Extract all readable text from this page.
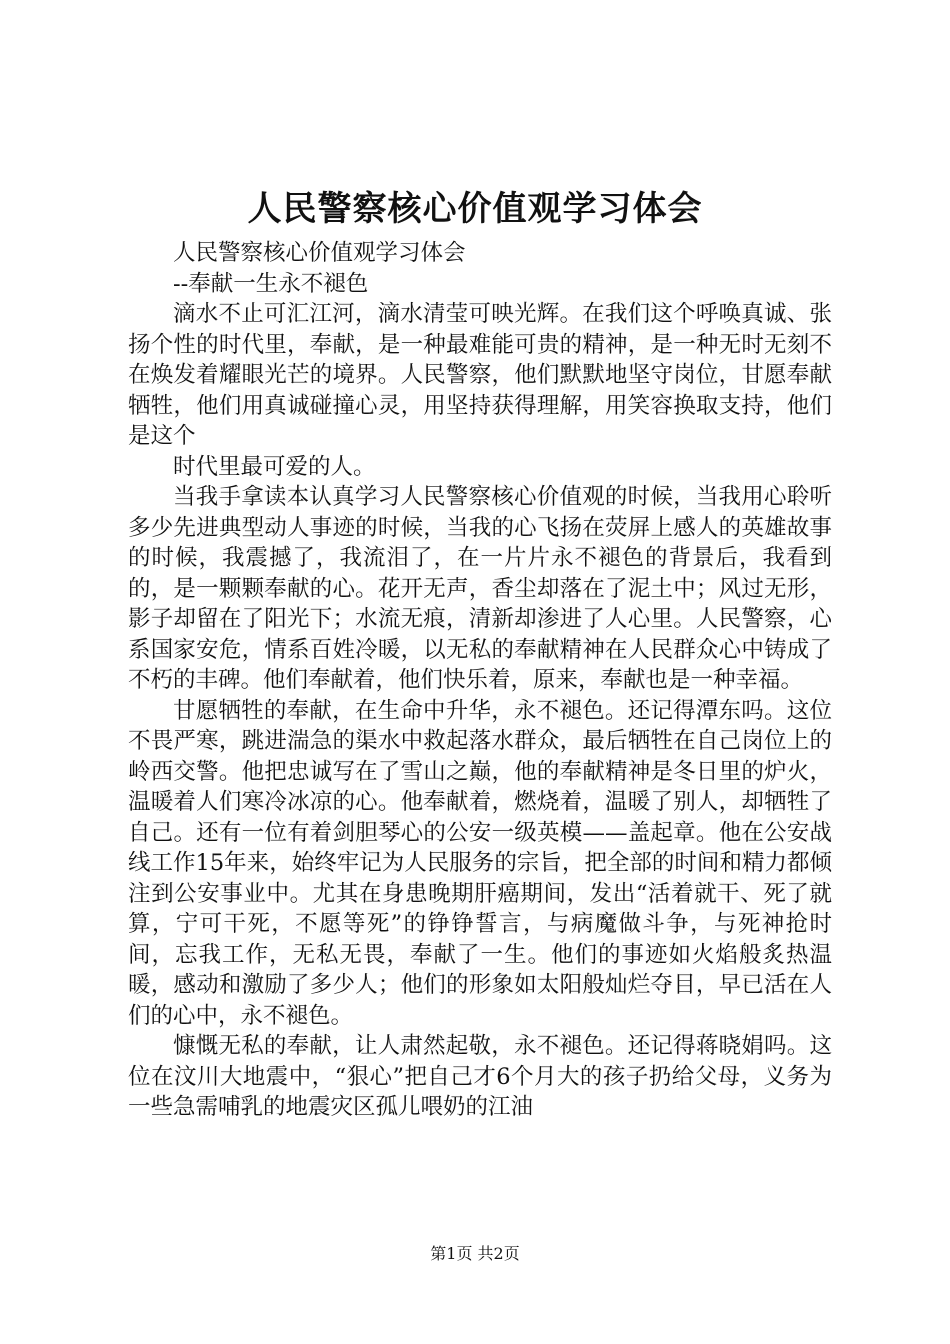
人民警察核心价值观学习体会

人民警察核心价值观学习体会

--奉献一生永不褪色

滴水不止可汇江河，滴水清莹可映光辉。在我们这个呼唤真诚、张扬个性的时代里，奉献，是一种最难能可贵的精神，是一种无时无刻不在焕发着耀眼光芒的境界。人民警察，他们默默地坚守岗位，甘愿奉献牺牲，他们用真诚碰撞心灵，用坚持获得理解，用笑容换取支持，他们是这个

时代里最可爱的人。

当我手拿读本认真学习人民警察核心价值观的时候，当我用心聆听多少先进典型动人事迹的时候，当我的心飞扬在荧屏上感人的英雄故事的时候，我震撼了，我流泪了，在一片片永不褪色的背景后，我看到的，是一颗颗奉献的心。花开无声，香尘却落在了泥土中；风过无形，影子却留在了阳光下；水流无痕，清新却渗进了人心里。人民警察，心系国家安危，情系百姓冷暖，以无私的奉献精神在人民群众心中铸成了不朽的丰碑。他们奉献着，他们快乐着，原来，奉献也是一种幸福。

甘愿牺牲的奉献，在生命中升华，永不褪色。还记得潭东吗。这位不畏严寒，跳进湍急的渠水中救起落水群众，最后牺牲在自己岗位上的岭西交警。他把忠诚写在了雪山之巅，他的奉献精神是冬日里的炉火，温暖着人们寒冷冰凉的心。他奉献着，燃烧着，温暖了别人，却牺牲了自己。还有一位有着剑胆琴心的公安一级英模——盖起章。他在公安战线工作15年来，始终牢记为人民服务的宗旨，把全部的时间和精力都倾注到公安事业中。尤其在身患晚期肝癌期间，发出“活着就干、死了就算，宁可干死，不愿等死”的铮铮誓言，与病魔做斗争，与死神抢时间，忘我工作，无私无畏，奉献了一生。他们的事迹如火焰般炙热温暖，感动和激励了多少人；他们的形象如太阳般灿烂夺目，早已活在人们的心中，永不褪色。

慷慨无私的奉献，让人肃然起敬，永不褪色。还记得蒋晓娟吗。这位在汶川大地震中，“狠心”把自己才6个月大的孩子扔给父母，义务为一些急需哺乳的地震灾区孤儿喂奶的江油

第1页 共2页
